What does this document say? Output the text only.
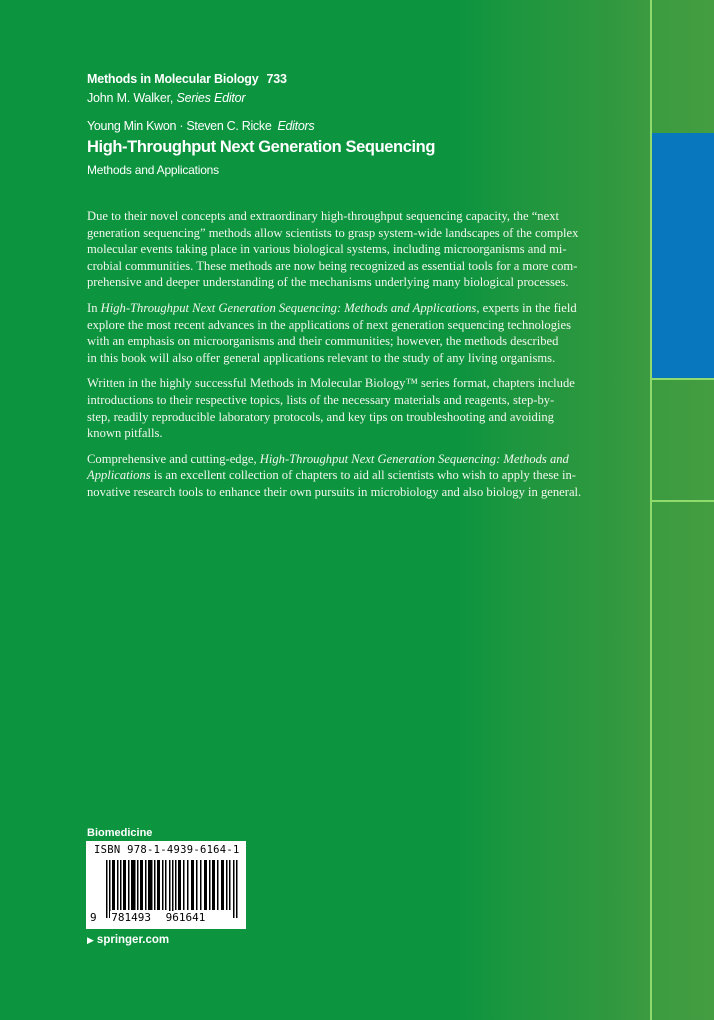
Methods in Molecular Biology 733
John M. Walker, Series Editor
Young Min Kwon · Steven C. Ricke Editors
High-Throughput Next Generation Sequencing
Methods and Applications

Due to their novel concepts and extraordinary high-throughput sequencing capacity, the “next
generation sequencing” methods allow scientists to grasp system-wide landscapes of the complex
molecular events taking place in various biological systems, including microorganisms and mi-
crobial communities. These methods are now being recognized as essential tools for a more com-
prehensive and deeper understanding of the mechanisms underlying many biological processes.

In High-Throughput Next Generation Sequencing: Methods and Applications, experts in the field
explore the most recent advances in the applications of next generation sequencing technologies
with an emphasis on microorganisms and their communities; however, the methods described
in this book will also offer general applications relevant to the study of any living organisms.

Written in the highly successful Methods in Molecular Biology™ series format, chapters include
introductions to their respective topics, lists of the necessary materials and reagents, step-by-
step, readily reproducible laboratory protocols, and key tips on troubleshooting and avoiding
known pitfalls.

Comprehensive and cutting-edge, High-Throughput Next Generation Sequencing: Methods and
Applications is an excellent collection of chapters to aid all scientists who wish to apply these in-
novative research tools to enhance their own pursuits in microbiology and also biology in general.

Biomedicine
ISBN 978-1-4939-6164-1
9 781493 961641
▶ springer.com
